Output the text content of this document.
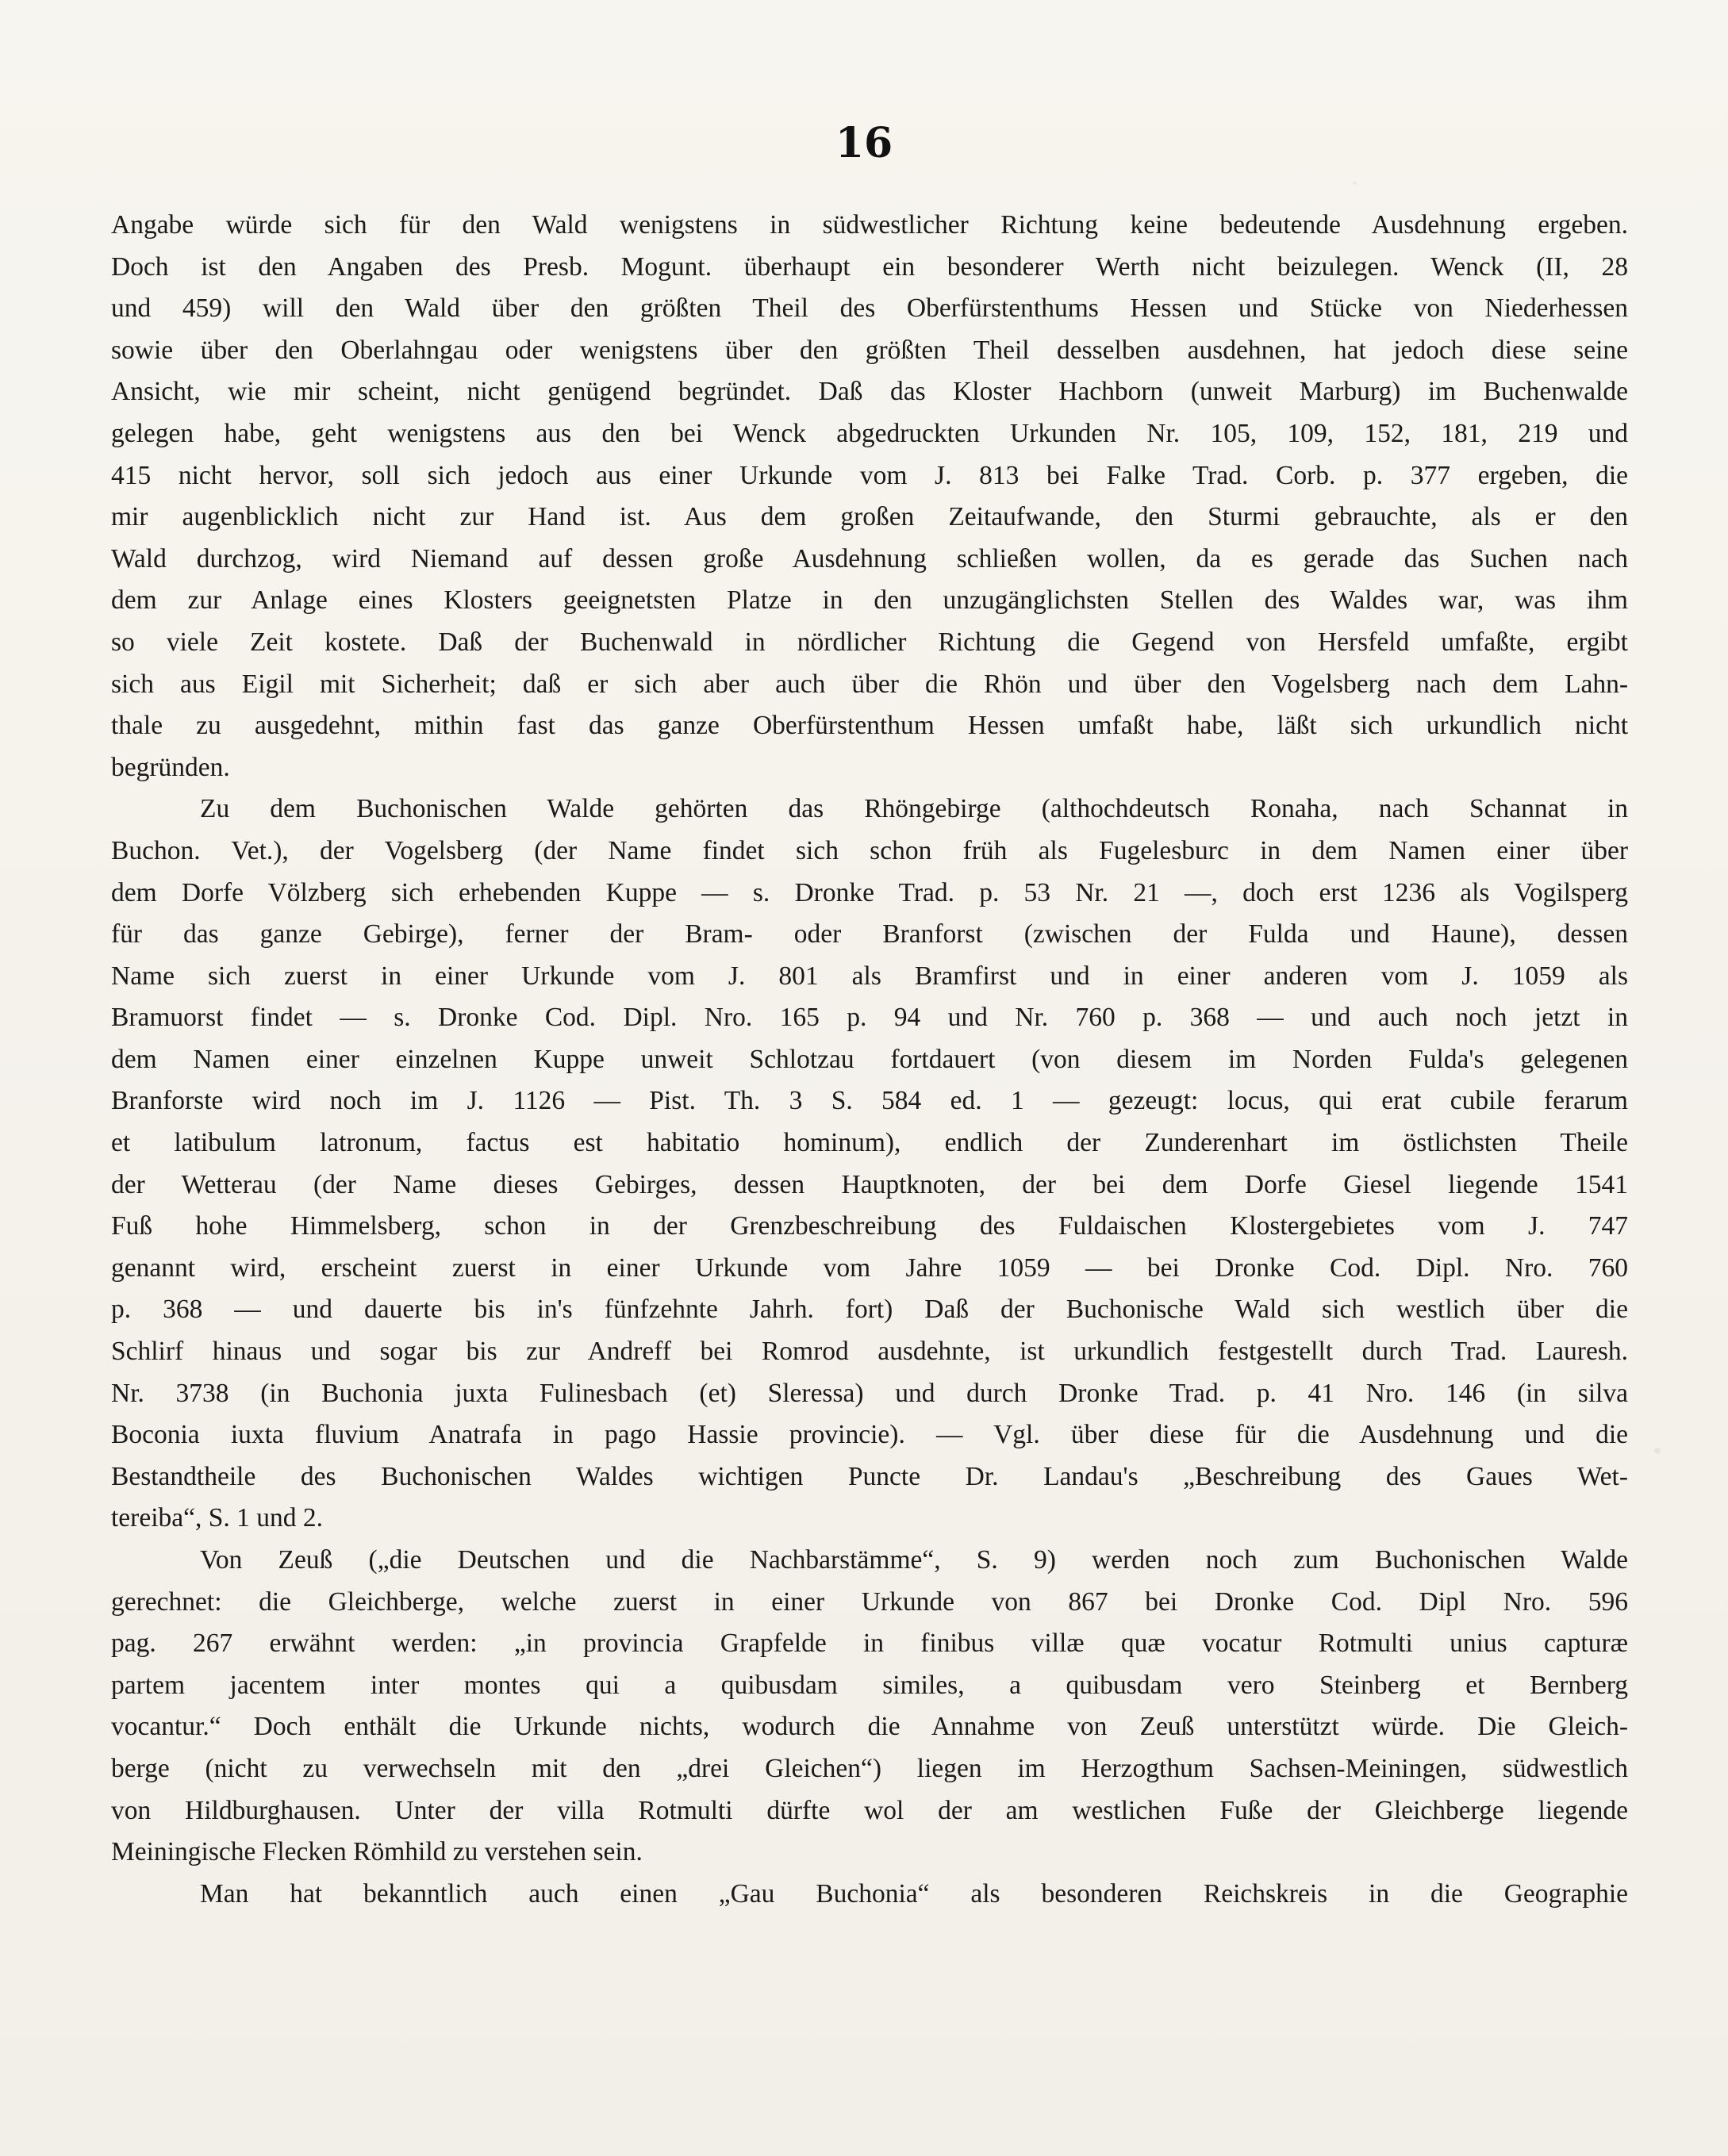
16
Angabe würde sich für den Wald wenigstens in südwestlicher Richtung keine bedeutende Ausdehnung ergeben.
Doch ist den Angaben des Presb. Mogunt. überhaupt ein besonderer Werth nicht beizulegen. Wenck (II, 28
und 459) will den Wald über den größten Theil des Oberfürstenthums Hessen und Stücke von Niederhessen
sowie über den Oberlahngau oder wenigstens über den größten Theil desselben ausdehnen, hat jedoch diese seine
Ansicht, wie mir scheint, nicht genügend begründet. Daß das Kloster Hachborn (unweit Marburg) im Buchenwalde
gelegen habe, geht wenigstens aus den bei Wenck abgedruckten Urkunden Nr. 105, 109, 152, 181, 219 und
415 nicht hervor, soll sich jedoch aus einer Urkunde vom J. 813 bei Falke Trad. Corb. p. 377 ergeben, die
mir augenblicklich nicht zur Hand ist. Aus dem großen Zeitaufwande, den Sturmi gebrauchte, als er den
Wald durchzog, wird Niemand auf dessen große Ausdehnung schließen wollen, da es gerade das Suchen nach
dem zur Anlage eines Klosters geeignetsten Platze in den unzugänglichsten Stellen des Waldes war, was ihm
so viele Zeit kostete. Daß der Buchenwald in nördlicher Richtung die Gegend von Hersfeld umfaßte, ergibt
sich aus Eigil mit Sicherheit; daß er sich aber auch über die Rhön und über den Vogelsberg nach dem Lahn-
thale zu ausgedehnt, mithin fast das ganze Oberfürstenthum Hessen umfaßt habe, läßt sich urkundlich nicht
begründen.
Zu dem Buchonischen Walde gehörten das Rhöngebirge (althochdeutsch Ronaha, nach Schannat in
Buchon. Vet.), der Vogelsberg (der Name findet sich schon früh als Fugelesburc in dem Namen einer über
dem Dorfe Völzberg sich erhebenden Kuppe — s. Dronke Trad. p. 53 Nr. 21 —, doch erst 1236 als Vogilsperg
für das ganze Gebirge), ferner der Bram- oder Branforst (zwischen der Fulda und Haune), dessen
Name sich zuerst in einer Urkunde vom J. 801 als Bramfirst und in einer anderen vom J. 1059 als
Bramuorst findet — s. Dronke Cod. Dipl. Nro. 165 p. 94 und Nr. 760 p. 368 — und auch noch jetzt in
dem Namen einer einzelnen Kuppe unweit Schlotzau fortdauert (von diesem im Norden Fulda's gelegenen
Branforste wird noch im J. 1126 — Pist. Th. 3 S. 584 ed. 1 — gezeugt: locus, qui erat cubile ferarum
et latibulum latronum, factus est habitatio hominum), endlich der Zunderenhart im östlichsten Theile
der Wetterau (der Name dieses Gebirges, dessen Hauptknoten, der bei dem Dorfe Giesel liegende 1541
Fuß hohe Himmelsberg, schon in der Grenzbeschreibung des Fuldaischen Klostergebietes vom J. 747
genannt wird, erscheint zuerst in einer Urkunde vom Jahre 1059 — bei Dronke Cod. Dipl. Nro. 760
p. 368 — und dauerte bis in's fünfzehnte Jahrh. fort) Daß der Buchonische Wald sich westlich über die
Schlirf hinaus und sogar bis zur Andreff bei Romrod ausdehnte, ist urkundlich festgestellt durch Trad. Lauresh.
Nr. 3738 (in Buchonia juxta Fulinesbach (et) Sleressa) und durch Dronke Trad. p. 41 Nro. 146 (in silva
Boconia iuxta fluvium Anatrafa in pago Hassie provincie). — Vgl. über diese für die Ausdehnung und die
Bestandtheile des Buchonischen Waldes wichtigen Puncte Dr. Landau's „Beschreibung des Gaues Wet-
tereiba“, S. 1 und 2.
Von Zeuß („die Deutschen und die Nachbarstämme“, S. 9) werden noch zum Buchonischen Walde
gerechnet: die Gleichberge, welche zuerst in einer Urkunde von 867 bei Dronke Cod. Dipl Nro. 596
pag. 267 erwähnt werden: „in provincia Grapfelde in finibus villæ quæ vocatur Rotmulti unius capturæ
partem jacentem inter montes qui a quibusdam similes, a quibusdam vero Steinberg et Bernberg
vocantur.“ Doch enthält die Urkunde nichts, wodurch die Annahme von Zeuß unterstützt würde. Die Gleich-
berge (nicht zu verwechseln mit den „drei Gleichen“) liegen im Herzogthum Sachsen-Meiningen, südwestlich
von Hildburghausen. Unter der villa Rotmulti dürfte wol der am westlichen Fuße der Gleichberge liegende
Meiningische Flecken Römhild zu verstehen sein.
Man hat bekanntlich auch einen „Gau Buchonia“ als besonderen Reichskreis in die Geographie
